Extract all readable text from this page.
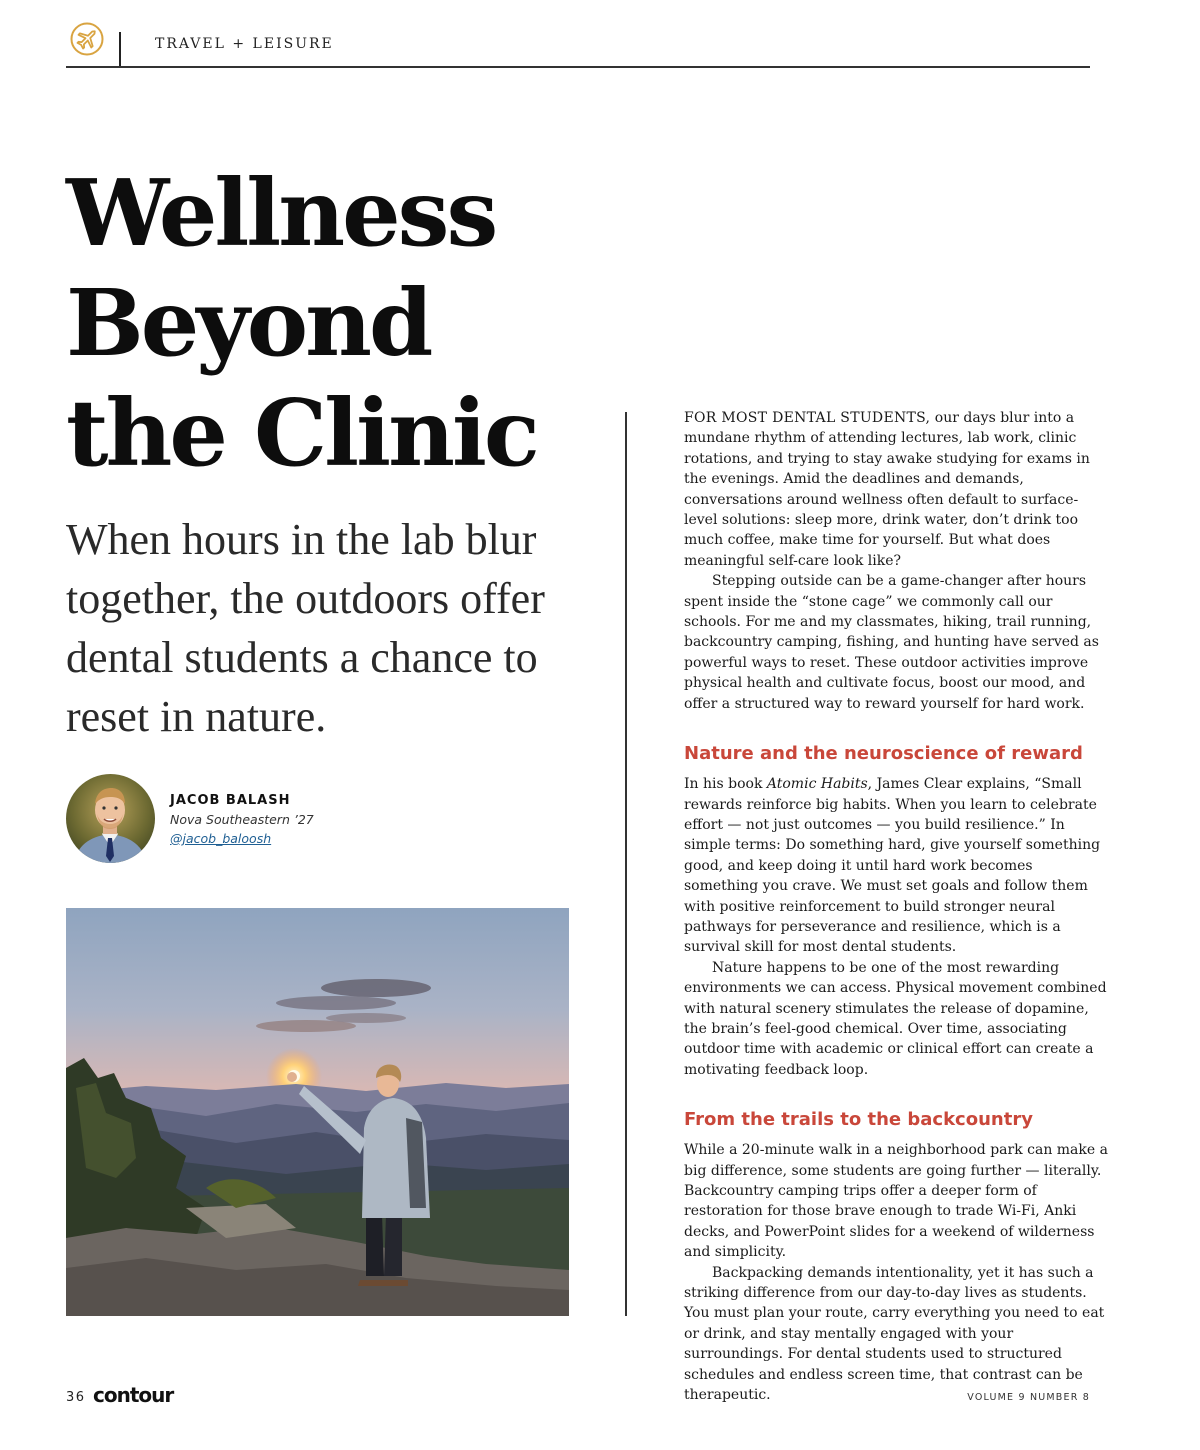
TRAVEL + LEISURE
Wellness
Beyond
the Clinic

When hours in the lab blur together, the outdoors offer dental students a chance to reset in nature.

JACOB BALASH
Nova Southeastern ’27
@jacob_baloosh

FOR MOST DENTAL STUDENTS, our days blur into a mundane rhythm of attending lectures, lab work, clinic rotations, and trying to stay awake studying for exams in the evenings. Amid the deadlines and demands, conversations around wellness often default to surface-level solutions: sleep more, drink water, don’t drink too much coffee, make time for yourself. But what does meaningful self-care look like?

Stepping outside can be a game-changer after hours spent inside the “stone cage” we commonly call our schools. For me and my classmates, hiking, trail running, backcountry camping, fishing, and hunting have served as powerful ways to reset. These outdoor activities improve physical health and cultivate focus, boost our mood, and offer a structured way to reward yourself for hard work.

Nature and the neuroscience of reward

In his book Atomic Habits, James Clear explains, “Small rewards reinforce big habits. When you learn to celebrate effort — not just outcomes — you build resilience.” In simple terms: Do something hard, give yourself something good, and keep doing it until hard work becomes something you crave. We must set goals and follow them with positive reinforcement to build stronger neural pathways for perseverance and resilience, which is a survival skill for most dental students.

Nature happens to be one of the most rewarding environments we can access. Physical movement combined with natural scenery stimulates the release of dopamine, the brain’s feel-good chemical. Over time, associating outdoor time with academic or clinical effort can create a motivating feedback loop.

From the trails to the backcountry

While a 20-minute walk in a neighborhood park can make a big difference, some students are going further — literally. Backcountry camping trips offer a deeper form of restoration for those brave enough to trade Wi-Fi, Anki decks, and PowerPoint slides for a weekend of wilderness and simplicity.

Backpacking demands intentionality, yet it has such a striking difference from our day-to-day lives as students. You must plan your route, carry everything you need to eat or drink, and stay mentally engaged with your surroundings. For dental students used to structured schedules and endless screen time, that contrast can be therapeutic.

36 contour	VOLUME 9 NUMBER 8
